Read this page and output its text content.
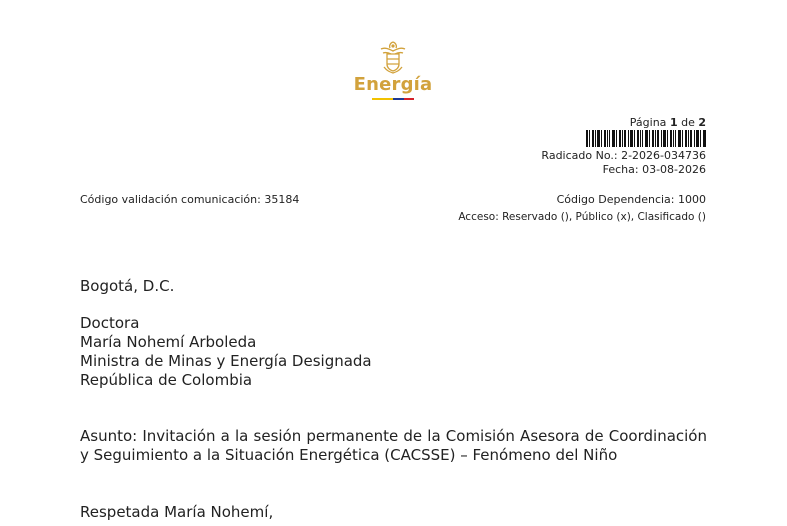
Energía
Página 1 de 2
Radicado No.: 2-2026-034736
Fecha: 03-08-2026
Código validación comunicación: 35184	Código Dependencia: 1000
Acceso: Reservado (), Público (x), Clasificado ()
Bogotá, D.C.
Doctora
María Nohemí Arboleda
Ministra de Minas y Energía Designada
República de Colombia
Asunto: Invitación a la sesión permanente de la Comisión Asesora de Coordinación y Seguimiento a la Situación Energética (CACSSE) – Fenómeno del Niño
Respetada María Nohemí,
